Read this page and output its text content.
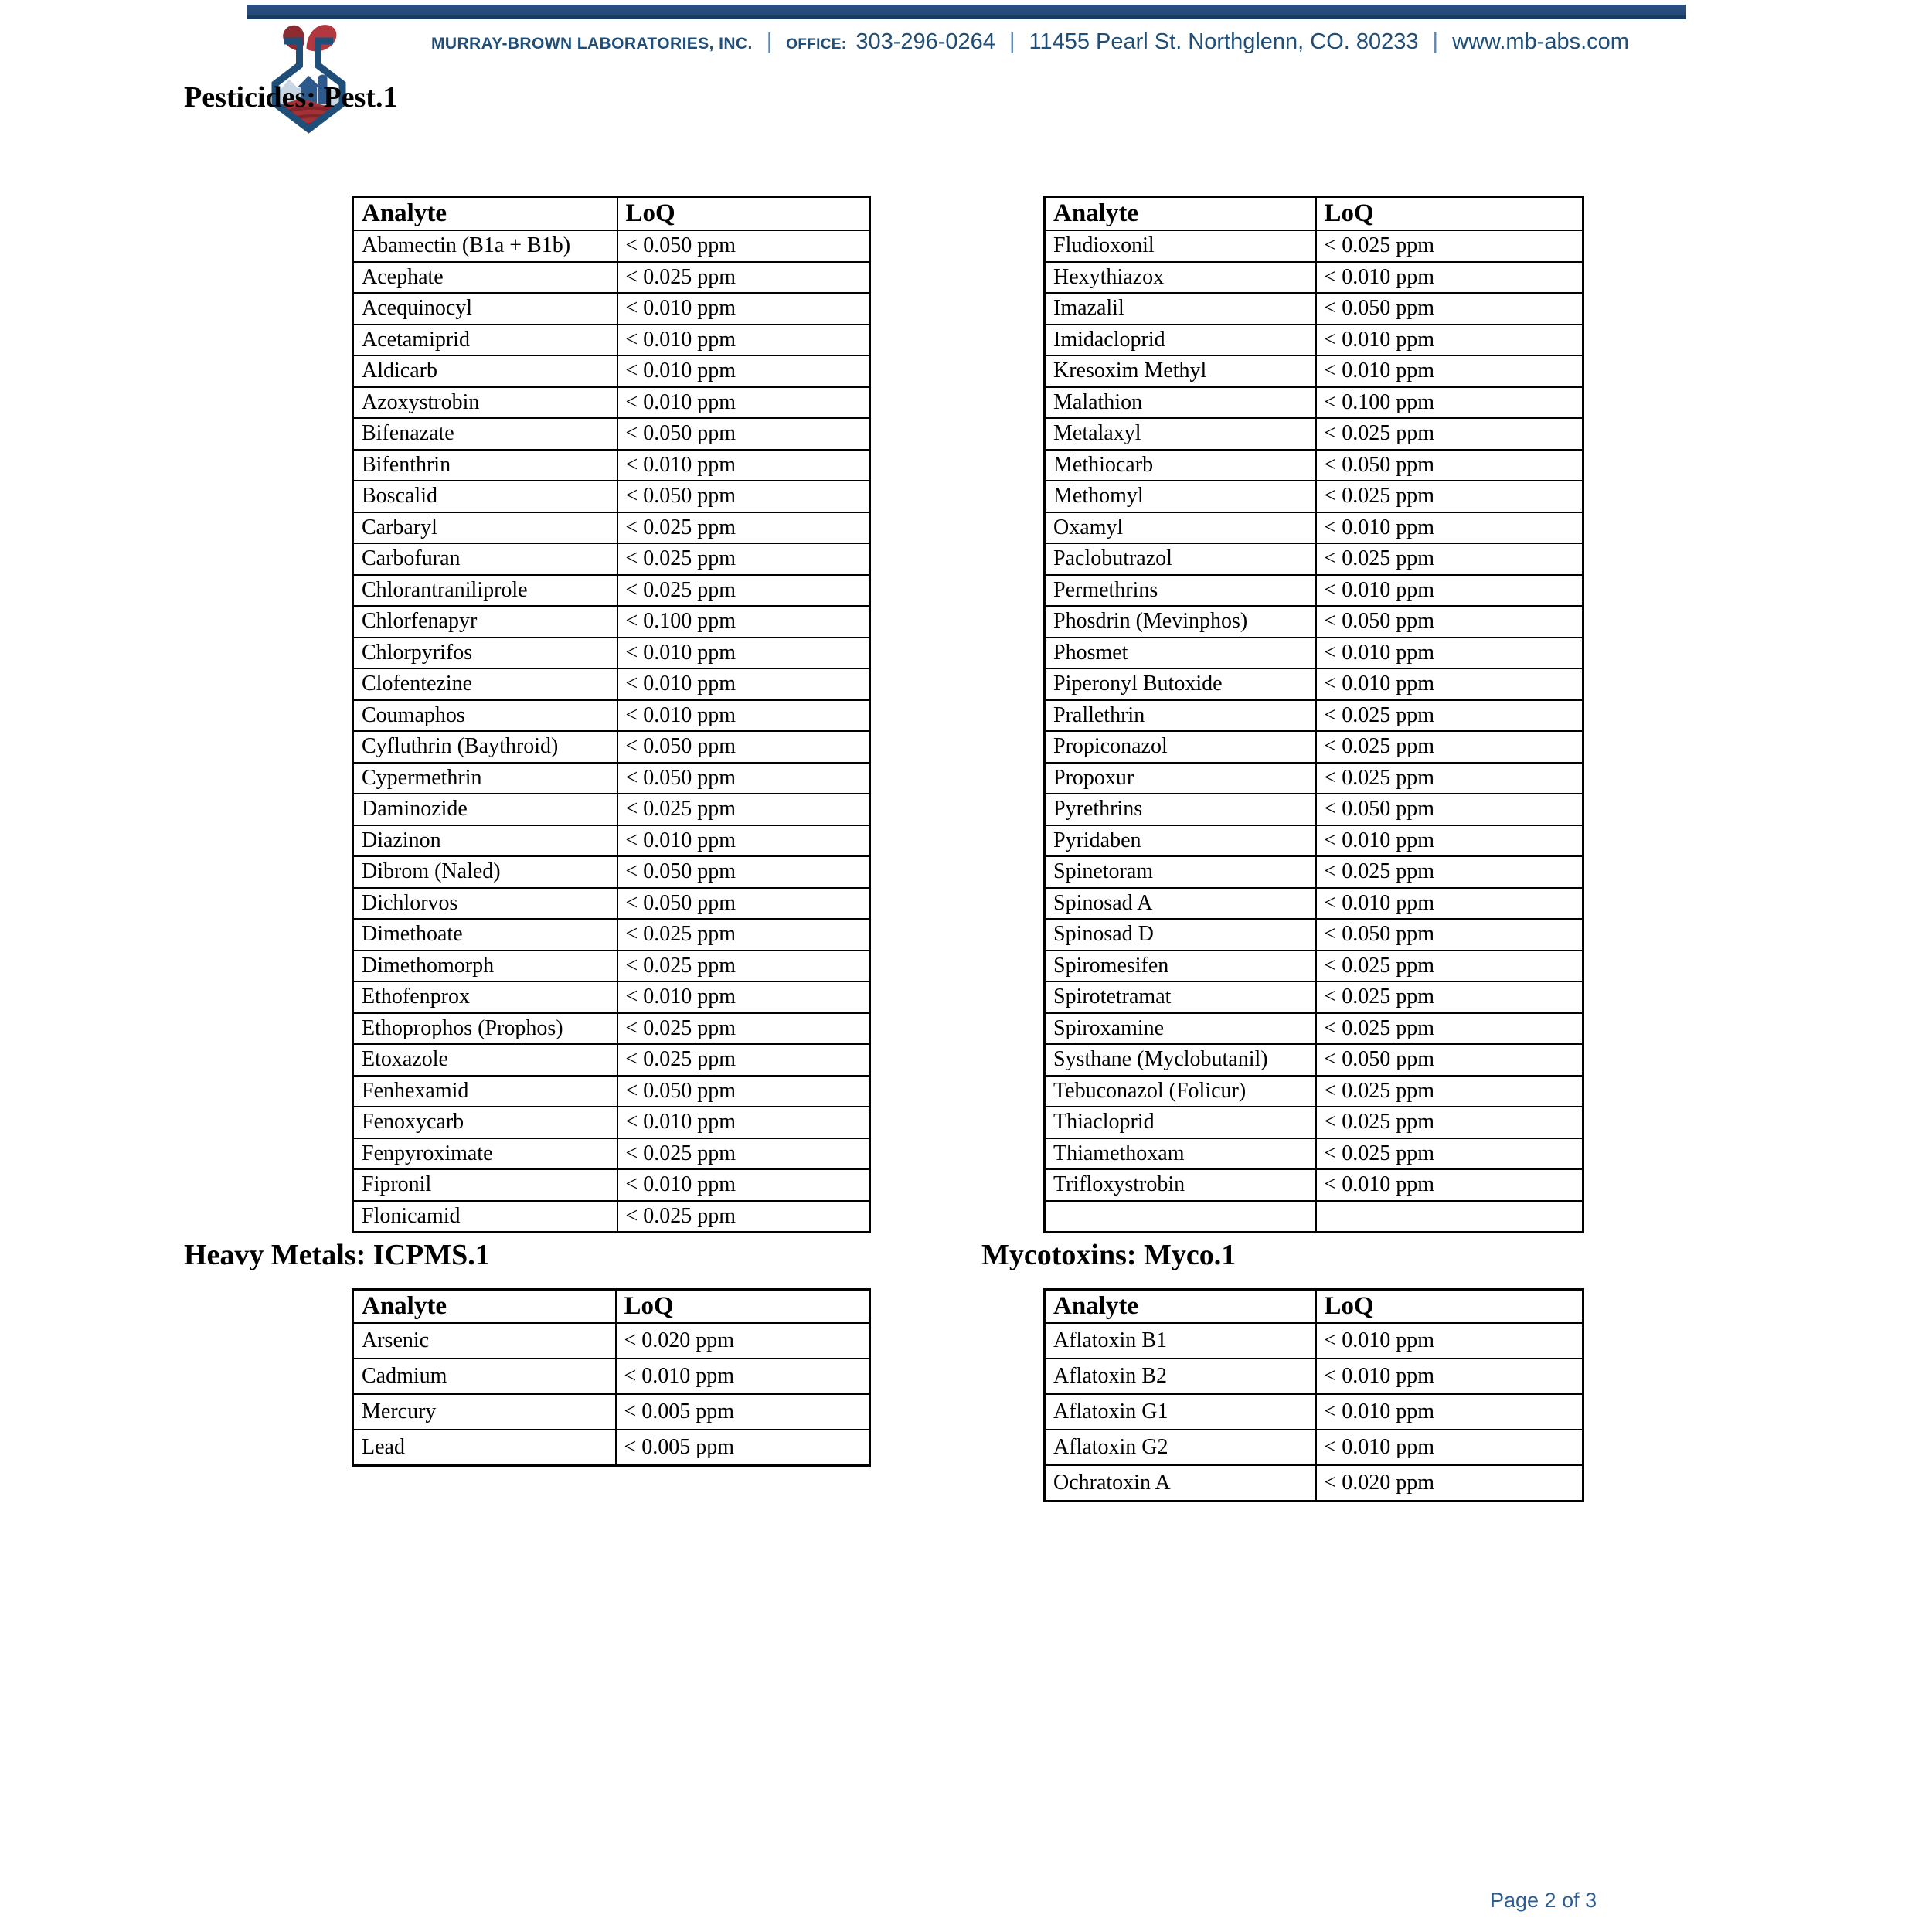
MURRAY-BROWN LABORATORIES, INC. | OFFICE: 303-296-0264 | 11455 Pearl St. Northglenn, CO. 80233 | www.mb-abs.com
Pesticides: Pest.1
Analyte	LoQ
Abamectin (B1a + B1b)	< 0.050 ppm
Acephate	< 0.025 ppm
Acequinocyl	< 0.010 ppm
Acetamiprid	< 0.010 ppm
Aldicarb	< 0.010 ppm
Azoxystrobin	< 0.010 ppm
Bifenazate	< 0.050 ppm
Bifenthrin	< 0.010 ppm
Boscalid	< 0.050 ppm
Carbaryl	< 0.025 ppm
Carbofuran	< 0.025 ppm
Chlorantraniliprole	< 0.025 ppm
Chlorfenapyr	< 0.100 ppm
Chlorpyrifos	< 0.010 ppm
Clofentezine	< 0.010 ppm
Coumaphos	< 0.010 ppm
Cyfluthrin (Baythroid)	< 0.050 ppm
Cypermethrin	< 0.050 ppm
Daminozide	< 0.025 ppm
Diazinon	< 0.010 ppm
Dibrom (Naled)	< 0.050 ppm
Dichlorvos	< 0.050 ppm
Dimethoate	< 0.025 ppm
Dimethomorph	< 0.025 ppm
Ethofenprox	< 0.010 ppm
Ethoprophos (Prophos)	< 0.025 ppm
Etoxazole	< 0.025 ppm
Fenhexamid	< 0.050 ppm
Fenoxycarb	< 0.010 ppm
Fenpyroximate	< 0.025 ppm
Fipronil	< 0.010 ppm
Flonicamid	< 0.025 ppm
Analyte	LoQ
Fludioxonil	< 0.025 ppm
Hexythiazox	< 0.010 ppm
Imazalil	< 0.050 ppm
Imidacloprid	< 0.010 ppm
Kresoxim Methyl	< 0.010 ppm
Malathion	< 0.100 ppm
Metalaxyl	< 0.025 ppm
Methiocarb	< 0.050 ppm
Methomyl	< 0.025 ppm
Oxamyl	< 0.010 ppm
Paclobutrazol	< 0.025 ppm
Permethrins	< 0.010 ppm
Phosdrin (Mevinphos)	< 0.050 ppm
Phosmet	< 0.010 ppm
Piperonyl Butoxide	< 0.010 ppm
Prallethrin	< 0.025 ppm
Propiconazol	< 0.025 ppm
Propoxur	< 0.025 ppm
Pyrethrins	< 0.050 ppm
Pyridaben	< 0.010 ppm
Spinetoram	< 0.025 ppm
Spinosad A	< 0.010 ppm
Spinosad D	< 0.050 ppm
Spiromesifen	< 0.025 ppm
Spirotetramat	< 0.025 ppm
Spiroxamine	< 0.025 ppm
Systhane (Myclobutanil)	< 0.050 ppm
Tebuconazol (Folicur)	< 0.025 ppm
Thiacloprid	< 0.025 ppm
Thiamethoxam	< 0.025 ppm
Trifloxystrobin	< 0.010 ppm

Heavy Metals: ICPMS.1
Analyte	LoQ
Arsenic	< 0.020 ppm
Cadmium	< 0.010 ppm
Mercury	< 0.005 ppm
Lead	< 0.005 ppm
Mycotoxins: Myco.1
Analyte	LoQ
Aflatoxin B1	< 0.010 ppm
Aflatoxin B2	< 0.010 ppm
Aflatoxin G1	< 0.010 ppm
Aflatoxin G2	< 0.010 ppm
Ochratoxin A	< 0.020 ppm
Page 2 of 3
